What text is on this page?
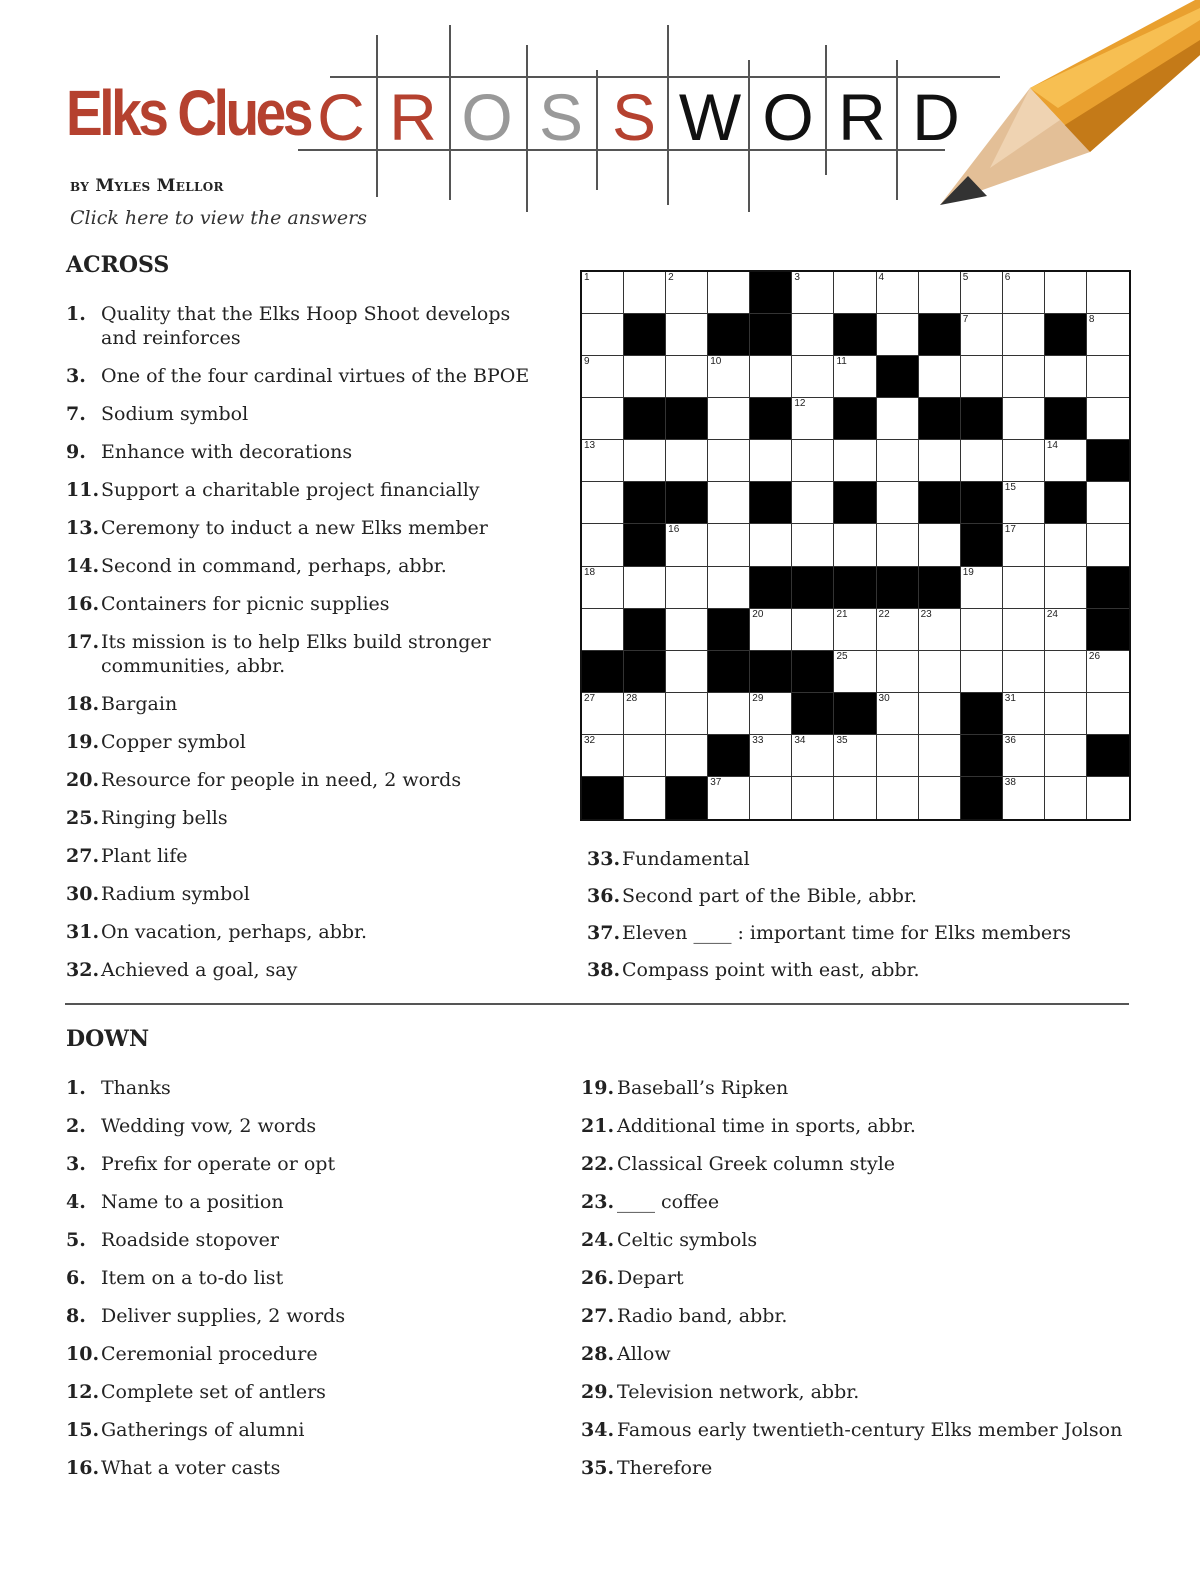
Elks Clues C R O S S W O R D
by Myles Mellor
Click here to view the answers
ACROSS
1. Quality that the Elks Hoop Shoot develops and reinforces
3. One of the four cardinal virtues of the BPOE
7. Sodium symbol
9. Enhance with decorations
11. Support a charitable project financially
13. Ceremony to induct a new Elks member
14. Second in command, perhaps, abbr.
16. Containers for picnic supplies
17. Its mission is to help Elks build stronger communities, abbr.
18. Bargain
19. Copper symbol
20. Resource for people in need, 2 words
25. Ringing bells
27. Plant life
30. Radium symbol
31. On vacation, perhaps, abbr.
32. Achieved a goal, say
33. Fundamental
36. Second part of the Bible, abbr.
37. Eleven ____ : important time for Elks members
38. Compass point with east, abbr.
1	2	3	4	5	6
7	8
9	10	11
12
13	14
15
16	17
18	19
20	21	22	23	24
25	26
27	28	29	30	31
32	33	34	35	36
37	38
DOWN
1. Thanks
2. Wedding vow, 2 words
3. Prefix for operate or opt
4. Name to a position
5. Roadside stopover
6. Item on a to-do list
8. Deliver supplies, 2 words
10. Ceremonial procedure
12. Complete set of antlers
15. Gatherings of alumni
16. What a voter casts
19. Baseball’s Ripken
21. Additional time in sports, abbr.
22. Classical Greek column style
23. ____ coffee
24. Celtic symbols
26. Depart
27. Radio band, abbr.
28. Allow
29. Television network, abbr.
34. Famous early twentieth-century Elks member Jolson
35. Therefore
